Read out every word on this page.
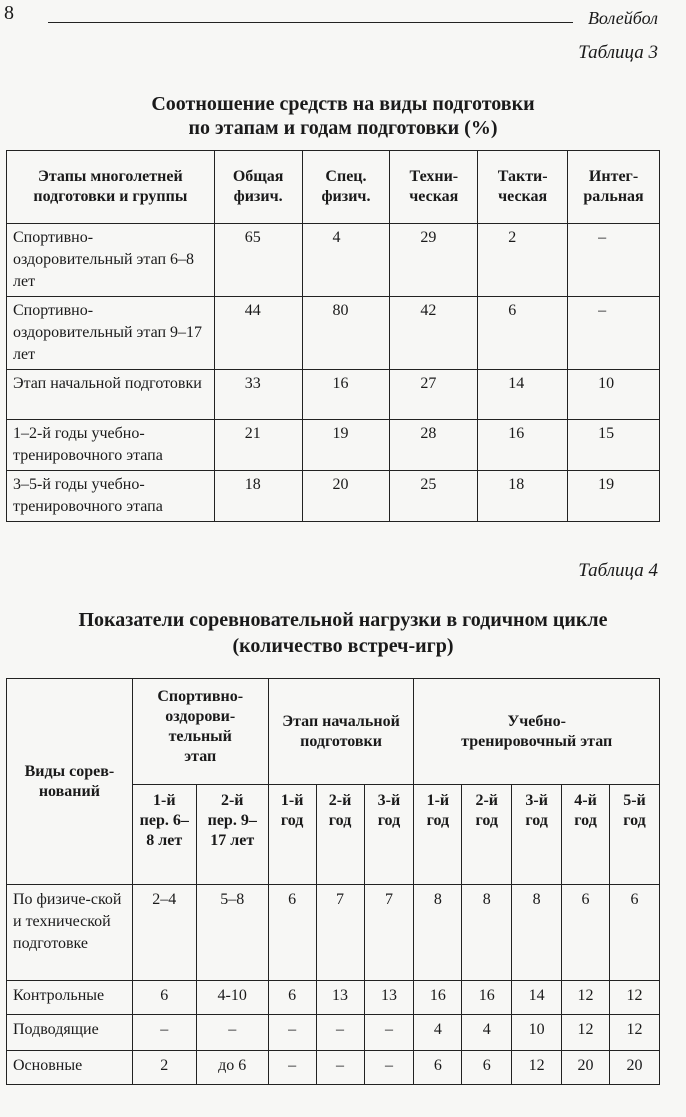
8	Волейбол
Таблица 3
Соотношение средств на виды подготовки
по этапам и годам подготовки (%)
Этапы многолетней подготовки и группы	Общая физич.	Спец. физич.	Техни-ческая	Такти-ческая	Интег-ральная
Спортивно-оздоровительный этап 6–8 лет	65	4	29	2	–
Спортивно-оздоровительный этап 9–17 лет	44	80	42	6	–
Этап начальной подготовки	33	16	27	14	10
1–2-й годы учебно-тренировочного этапа	21	19	28	16	15
3–5-й годы учебно-тренировочного этапа	18	20	25	18	19
Таблица 4
Показатели соревновательной нагрузки в годичном цикле
(количество встреч-игр)
Виды сорев-нований	Спортивно-оздорови-тельный этап		Этап начальной подготовки			Учебно-тренировочный этап				
	1-й пер. 6–8 лет	2-й пер. 9–17 лет	1-й год	2-й год	3-й год	1-й год	2-й год	3-й год	4-й год	5-й год
По физиче-ской и технической подготовке	2–4	5–8	6	7	7	8	8	8	6	6
Контрольные	6	4-10	6	13	13	16	16	14	12	12
Подводящие	–	–	–	–	–	4	4	10	12	12
Основные	2	до 6	–	–	–	6	6	12	20	20
